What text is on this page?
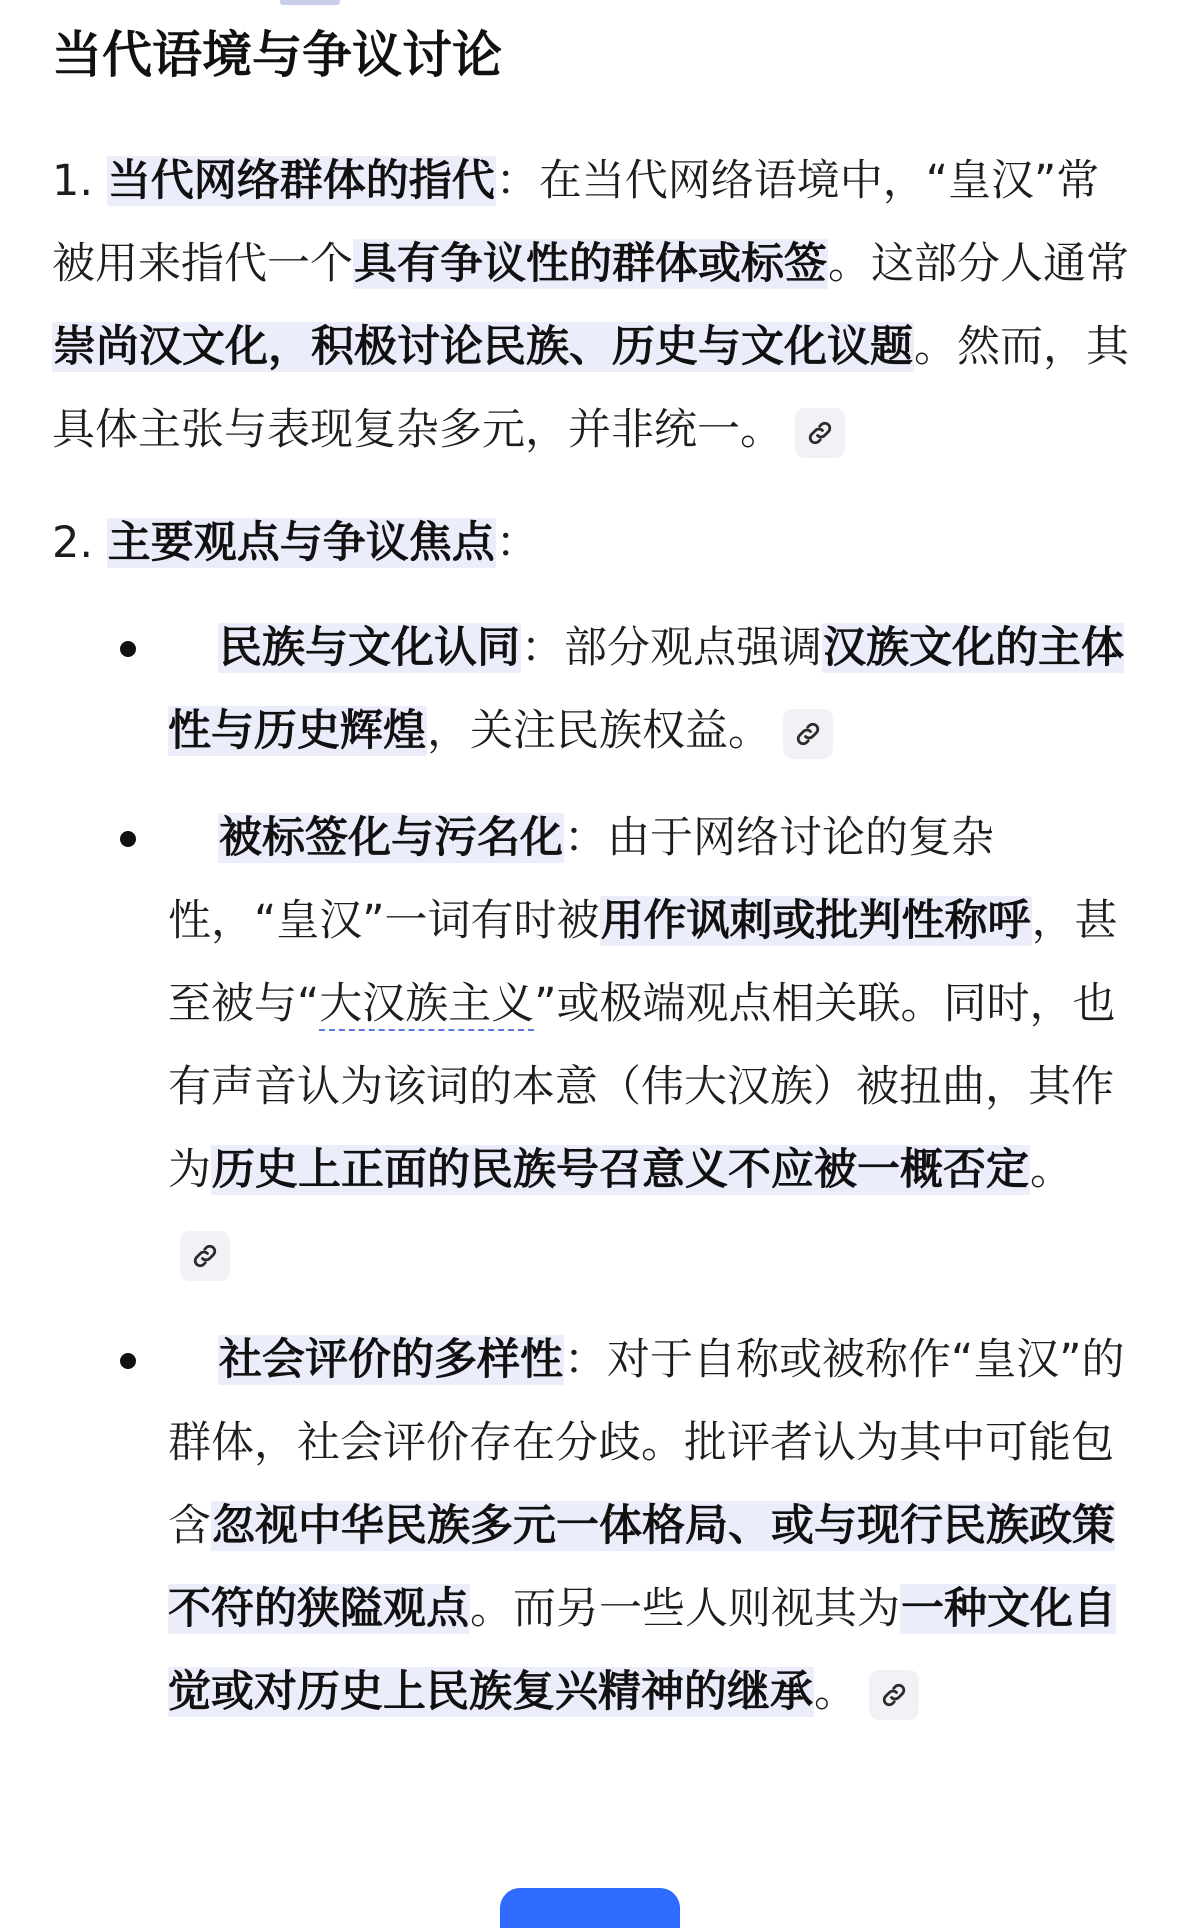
当代语境与争议讨论

1. 当代网络群体的指代：在当代网络语境中，“皇汉”常被用来指代一个具有争议性的群体或标签。这部分人通常崇尚汉文化，积极讨论民族、历史与文化议题。然而，其具体主张与表现复杂多元，并非统一。

2. 主要观点与争议焦点：

民族与文化认同：部分观点强调汉族文化的主体性与历史辉煌，关注民族权益。
被标签化与污名化：由于网络讨论的复杂性，“皇汉”一词有时被用作讽刺或批判性称呼，甚至被与“大汉族主义”或极端观点相关联。同时，也有声音认为该词的本意（伟大汉族）被扭曲，其作为历史上正面的民族号召意义不应被一概否定。
社会评价的多样性：对于自称或被称作“皇汉”的群体，社会评价存在分歧。批评者认为其中可能包含忽视中华民族多元一体格局、或与现行民族政策不符的狭隘观点。而另一些人则视其为一种文化自觉或对历史上民族复兴精神的继承。
